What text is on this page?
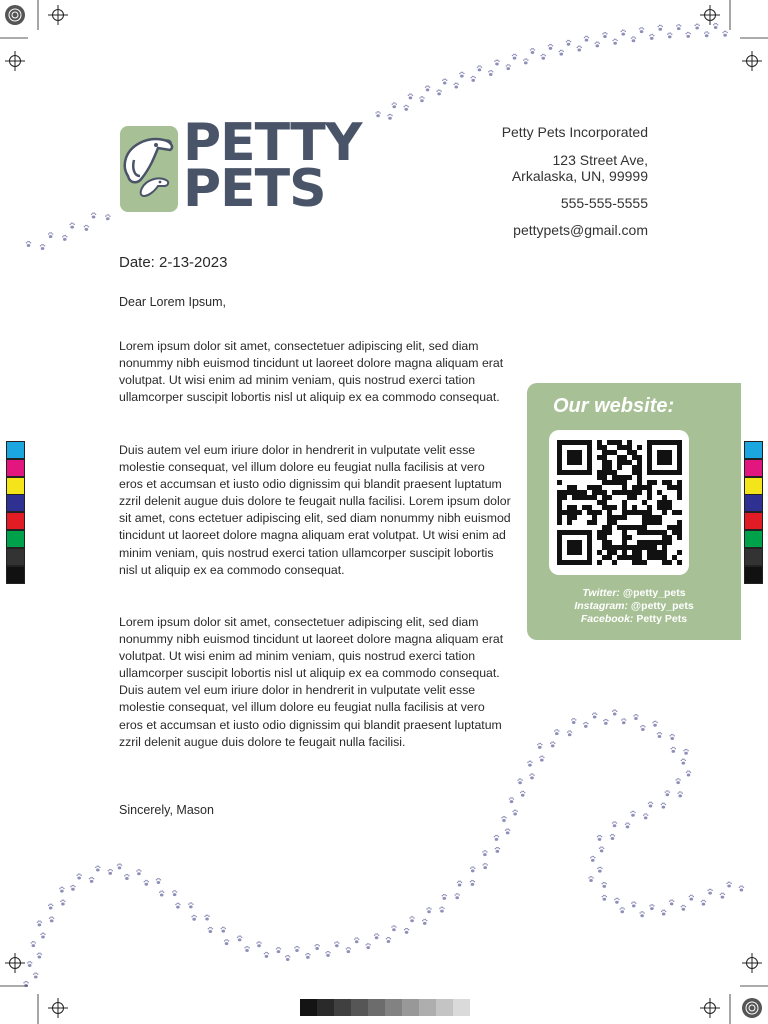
PETTY
PETS
Petty Pets Incorporated
123 Street Ave,
Arkalaska, UN, 99999
555-555-5555
pettypets@gmail.com
Date: 2-13-2023
Dear Lorem Ipsum,
Lorem ipsum dolor sit amet, consectetuer adipiscing elit, sed diam nonummy nibh euismod tincidunt ut laoreet dolore magna aliquam erat volutpat. Ut wisi enim ad minim veniam, quis nostrud exerci tation ullamcorper suscipit lobortis nisl ut aliquip ex ea commodo consequat.
Duis autem vel eum iriure dolor in hendrerit in vulputate velit esse molestie consequat, vel illum dolore eu feugiat nulla facilisis at vero eros et accumsan et iusto odio dignissim qui blandit praesent luptatum zzril delenit augue duis dolore te feugait nulla facilisi. Lorem ipsum dolor sit amet, cons ectetuer adipiscing elit, sed diam nonummy nibh euismod tincidunt ut laoreet dolore magna aliquam erat volutpat. Ut wisi enim ad minim veniam, quis nostrud exerci tation ullamcorper suscipit lobortis nisl ut aliquip ex ea commodo consequat.
Lorem ipsum dolor sit amet, consectetuer adipiscing elit, sed diam nonummy nibh euismod tincidunt ut laoreet dolore magna aliquam erat volutpat. Ut wisi enim ad minim veniam, quis nostrud exerci tation ullamcorper suscipit lobortis nisl ut aliquip ex ea commodo consequat. Duis autem vel eum iriure dolor in hendrerit in vulputate velit esse molestie consequat, vel illum dolore eu feugiat nulla facilisis at vero eros et accumsan et iusto odio dignissim qui blandit praesent luptatum zzril delenit augue duis dolore te feugait nulla facilisi.
Sincerely, Mason
Our website:
Twitter: @petty_pets
Instagram: @petty_pets
Facebook: Petty Pets
